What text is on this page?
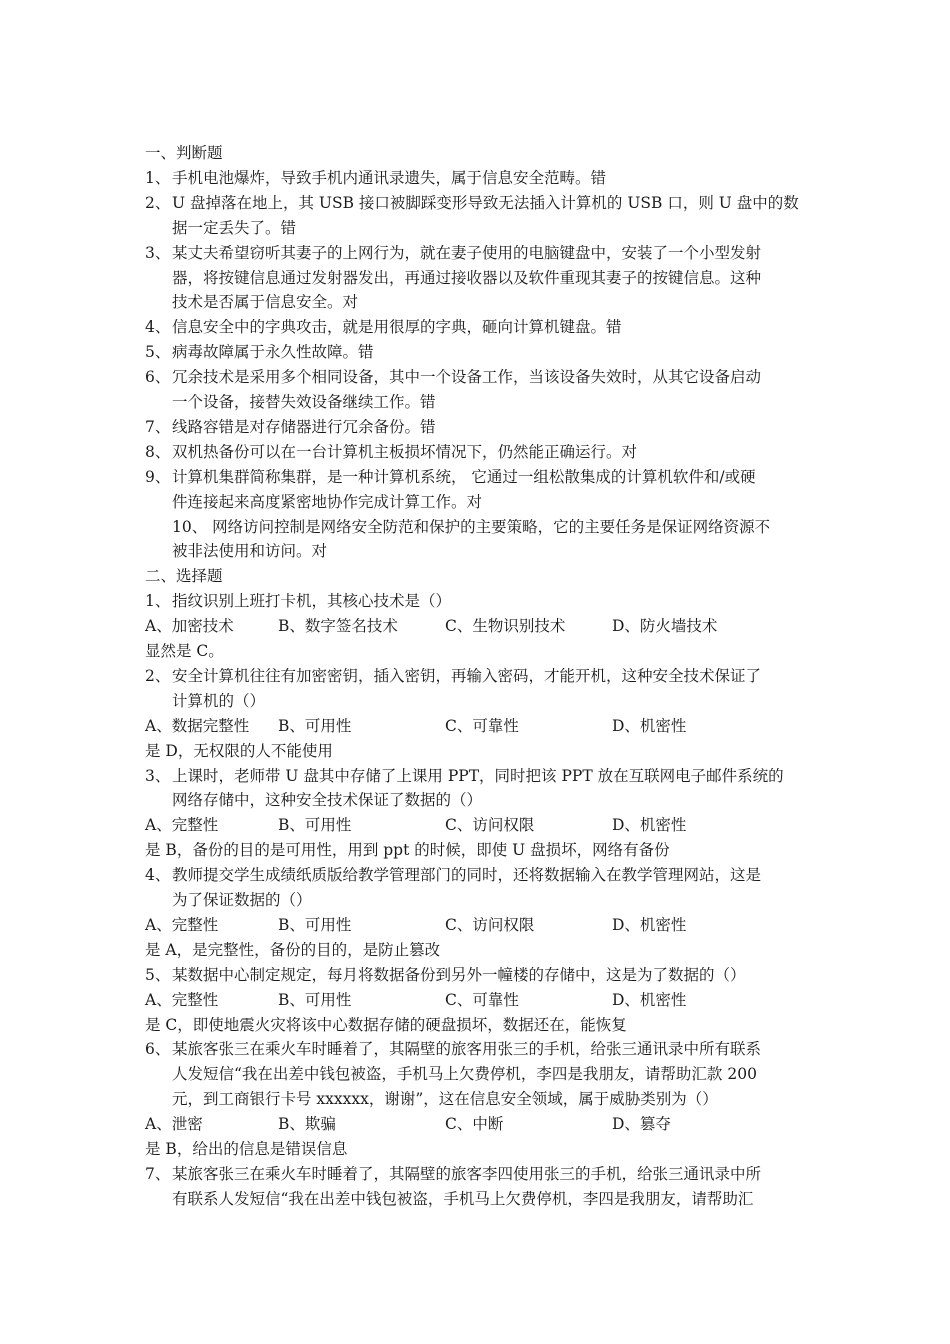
一、判断题
1、 手机电池爆炸，导致手机内通讯录遗失，属于信息安全范畴。错
2、 U 盘掉落在地上，其 USB 接口被脚踩变形导致无法插入计算机的 USB 口，则 U 盘中的数
据一定丢失了。错
3、 某丈夫希望窃听其妻子的上网行为，就在妻子使用的电脑键盘中，安装了一个小型发射
器，将按键信息通过发射器发出，再通过接收器以及软件重现其妻子的按键信息。这种
技术是否属于信息安全。对
4、 信息安全中的字典攻击，就是用很厚的字典，砸向计算机键盘。错
5、 病毒故障属于永久性故障。错
6、 冗余技术是采用多个相同设备，其中一个设备工作，当该设备失效时，从其它设备启动
一个设备，接替失效设备继续工作。错
7、 线路容错是对存储器进行冗余备份。错
8、 双机热备份可以在一台计算机主板损坏情况下，仍然能正确运行。对
9、 计算机集群简称集群，是一种计算机系统， 它通过一组松散集成的计算机软件和/或硬
件连接起来高度紧密地协作完成计算工作。对
10、 网络访问控制是网络安全防范和保护的主要策略，它的主要任务是保证网络资源不
被非法使用和访问。对
二、选择题
1、 指纹识别上班打卡机，其核心技术是（）
A、加密技术	B、数字签名技术	C、生物识别技术	D、防火墙技术
显然是 C。
2、 安全计算机往往有加密密钥，插入密钥，再输入密码，才能开机，这种安全技术保证了
计算机的（）
A、数据完整性 B、可用性	C、可靠性	D、机密性
是 D，无权限的人不能使用
3、 上课时，老师带 U 盘其中存储了上课用 PPT，同时把该 PPT 放在互联网电子邮件系统的
网络存储中，这种安全技术保证了数据的（）
A、完整性	B、可用性	C、访问权限	D、机密性
是 B，备份的目的是可用性，用到 ppt 的时候，即使 U 盘损坏，网络有备份
4、 教师提交学生成绩纸质版给教学管理部门的同时，还将数据输入在教学管理网站，这是
为了保证数据的（）
A、完整性	B、可用性	C、访问权限	D、机密性
是 A，是完整性，备份的目的，是防止篡改
5、 某数据中心制定规定，每月将数据备份到另外一幢楼的存储中，这是为了数据的（）
A、完整性	B、可用性	C、可靠性	D、机密性
是 C，即使地震火灾将该中心数据存储的硬盘损坏，数据还在，能恢复
6、 某旅客张三在乘火车时睡着了，其隔壁的旅客用张三的手机，给张三通讯录中所有联系
人发短信“我在出差中钱包被盗，手机马上欠费停机，李四是我朋友，请帮助汇款 200
元，到工商银行卡号 xxxxxx，谢谢”，这在信息安全领域，属于威胁类别为（）
A、泄密	B、欺骗	C、中断	D、篡夺
是 B，给出的信息是错误信息
7、 某旅客张三在乘火车时睡着了，其隔壁的旅客李四使用张三的手机，给张三通讯录中所
有联系人发短信“我在出差中钱包被盗，手机马上欠费停机，李四是我朋友，请帮助汇
